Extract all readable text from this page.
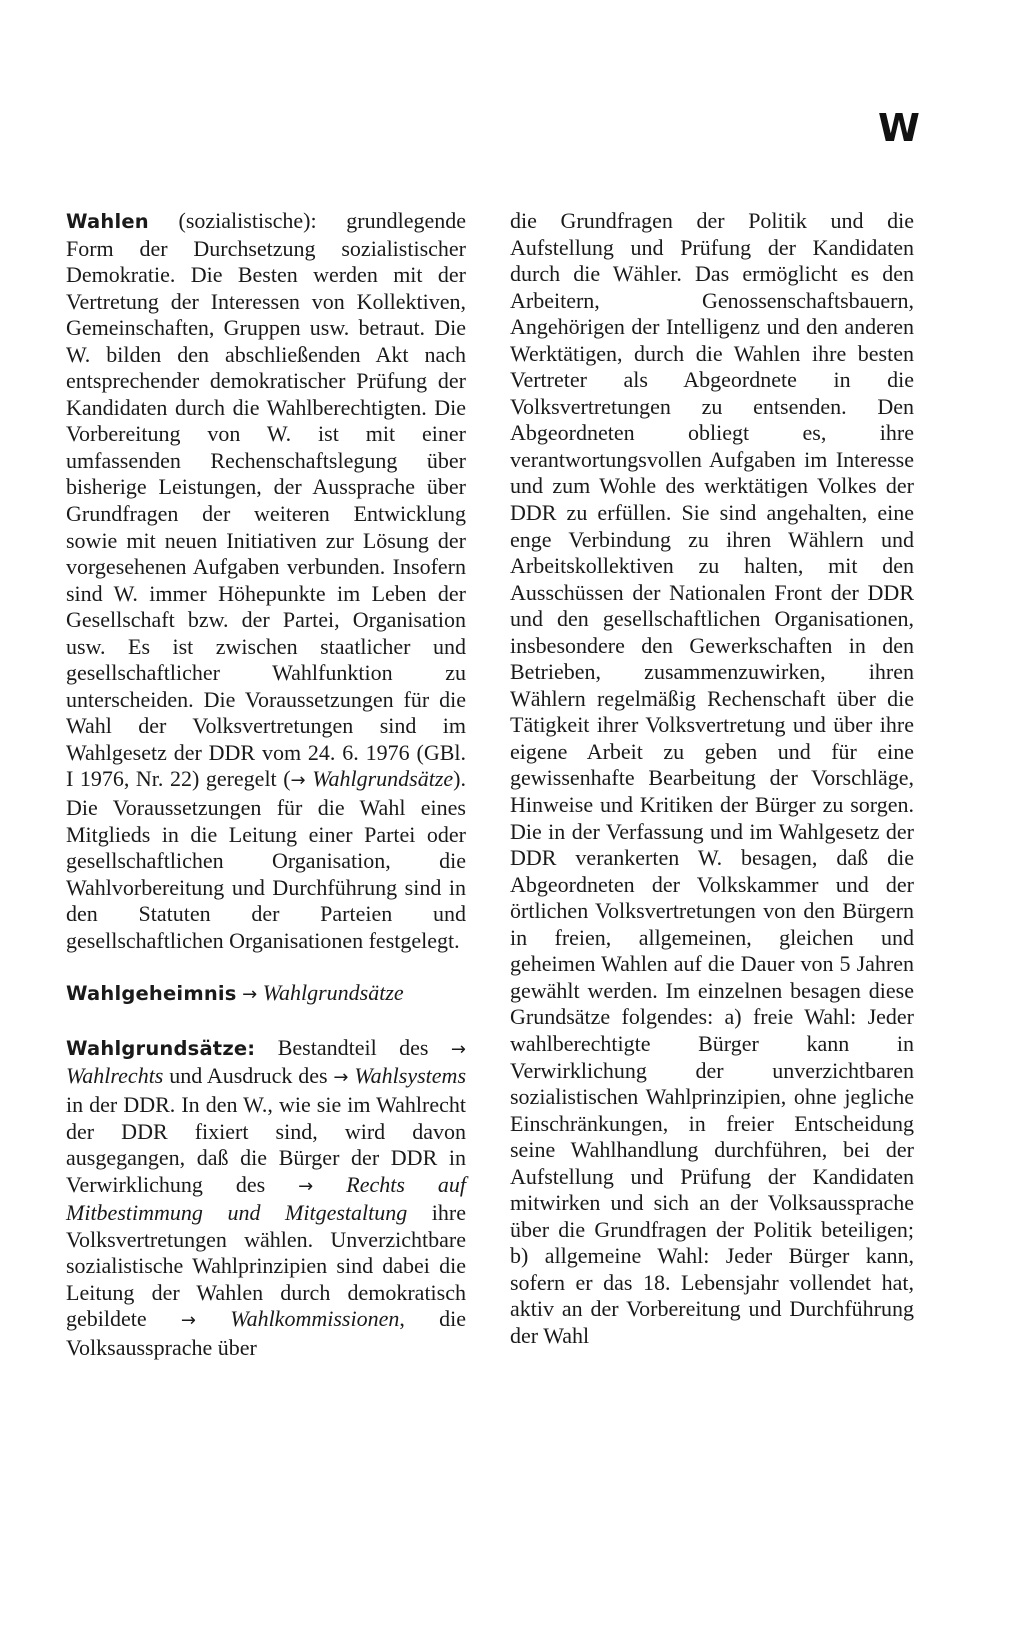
W

Wahlen (sozialistische): grundlegende Form der Durchsetzung sozialistischer Demokratie. Die Besten werden mit der Vertretung der Interessen von Kollektiven, Gemeinschaften, Gruppen usw. betraut. Die W. bilden den abschließenden Akt nach entsprechender demokratischer Prüfung der Kandidaten durch die Wahlberechtigten. Die Vorbereitung von W. ist mit einer umfassenden Rechenschaftslegung über bisherige Leistungen, der Aussprache über Grundfragen der weiteren Entwicklung sowie mit neuen Initiativen zur Lösung der vorgesehenen Aufgaben verbunden. Insofern sind W. immer Höhepunkte im Leben der Gesellschaft bzw. der Partei, Organisation usw. Es ist zwischen staatlicher und gesellschaftlicher Wahlfunktion zu unterscheiden. Die Voraussetzungen für die Wahl der Volksvertretungen sind im Wahlgesetz der DDR vom 24. 6. 1976 (GBl. I 1976, Nr. 22) geregelt (→ Wahlgrundsätze). Die Voraussetzungen für die Wahl eines Mitglieds in die Leitung einer Partei oder gesellschaftlichen Organisation, die Wahlvorbereitung und Durchführung sind in den Statuten der Parteien und gesellschaftlichen Organisationen festgelegt.

Wahlgeheimnis → Wahlgrundsätze

Wahlgrundsätze: Bestandteil des → Wahlrechts und Ausdruck des → Wahlsystems in der DDR. In den W., wie sie im Wahlrecht der DDR fixiert sind, wird davon ausgegangen, daß die Bürger der DDR in Verwirklichung des → Rechts auf Mitbestimmung und Mitgestaltung ihre Volksvertretungen wählen. Unverzichtbare sozialistische Wahlprinzipien sind dabei die Leitung der Wahlen durch demokratisch gebildete → Wahlkommissionen, die Volksaussprache über

die Grundfragen der Politik und die Aufstellung und Prüfung der Kandidaten durch die Wähler. Das ermöglicht es den Arbeitern, Genossenschaftsbauern, Angehörigen der Intelligenz und den anderen Werktätigen, durch die Wahlen ihre besten Vertreter als Abgeordnete in die Volksvertretungen zu entsenden. Den Abgeordneten obliegt es, ihre verantwortungsvollen Aufgaben im Interesse und zum Wohle des werktätigen Volkes der DDR zu erfüllen. Sie sind angehalten, eine enge Verbindung zu ihren Wählern und Arbeitskollektiven zu halten, mit den Ausschüssen der Nationalen Front der DDR und den gesellschaftlichen Organisationen, insbesondere den Gewerkschaften in den Betrieben, zusammenzuwirken, ihren Wählern regelmäßig Rechenschaft über die Tätigkeit ihrer Volksvertretung und über ihre eigene Arbeit zu geben und für eine gewissenhafte Bearbeitung der Vorschläge, Hinweise und Kritiken der Bürger zu sorgen. Die in der Verfassung und im Wahlgesetz der DDR verankerten W. besagen, daß die Abgeordneten der Volkskammer und der örtlichen Volksvertretungen von den Bürgern in freien, allgemeinen, gleichen und geheimen Wahlen auf die Dauer von 5 Jahren gewählt werden. Im einzelnen besagen diese Grundsätze folgendes: a) freie Wahl: Jeder wahlberechtigte Bürger kann in Verwirklichung der unverzichtbaren sozialistischen Wahlprinzipien, ohne jegliche Einschränkungen, in freier Entscheidung seine Wahlhandlung durchführen, bei der Aufstellung und Prüfung der Kandidaten mitwirken und sich an der Volksaussprache über die Grundfragen der Politik beteiligen; b) allgemeine Wahl: Jeder Bürger kann, sofern er das 18. Lebensjahr vollendet hat, aktiv an der Vorbereitung und Durchführung der Wahl
